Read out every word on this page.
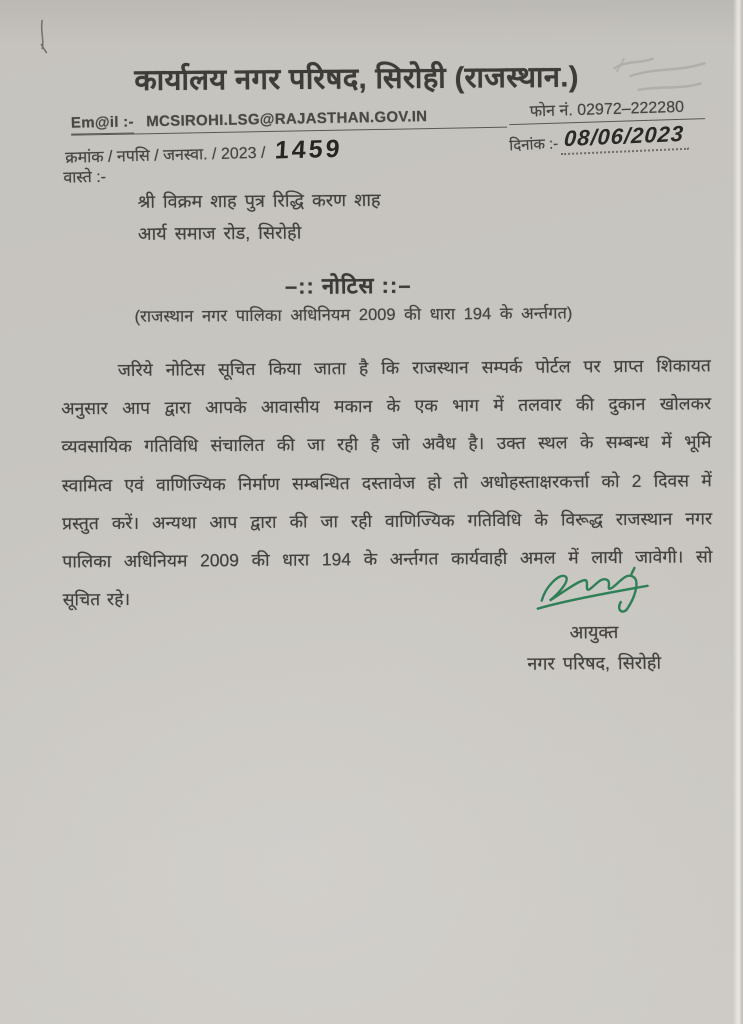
कार्यालय नगर परिषद, सिरोही (राजस्थान.)
Em@il :- MCSIROHI.LSG@RAJASTHAN.GOV.IN	फोन नं. 02972–222280
दिनांक :- 08/06/2023
क्रमांक / नपसि / जनस्वा. / 2023 / 1459
वास्ते :-
श्री विक्रम शाह पुत्र रिद्धि करण शाह
आर्य समाज रोड, सिरोही
–:: नोटिस ::–
(राजस्थान नगर पालिका अधिनियम 2009 की धारा 194 के अर्न्तगत)
जरिये नोटिस सूचित किया जाता है कि राजस्थान सम्पर्क पोर्टल पर प्राप्त शिकायत
अनुसार आप द्वारा आपके आवासीय मकान के एक भाग में तलवार की दुकान खोलकर
व्यवसायिक गतिविधि संचालित की जा रही है जो अवैध है। उक्त स्थल के सम्बन्ध में भूमि
स्वामित्व एवं वाणिज्यिक निर्माण सम्बन्धित दस्तावेज हो तो अधोहस्ताक्षरकर्त्ता को 2 दिवस में
प्रस्तुत करें। अन्यथा आप द्वारा की जा रही वाणिज्यिक गतिविधि के विरूद्ध राजस्थान नगर
पालिका अधिनियम 2009 की धारा 194 के अर्न्तगत कार्यवाही अमल में लायी जावेगी। सो
सूचित रहे।
आयुक्त
नगर परिषद, सिरोही
